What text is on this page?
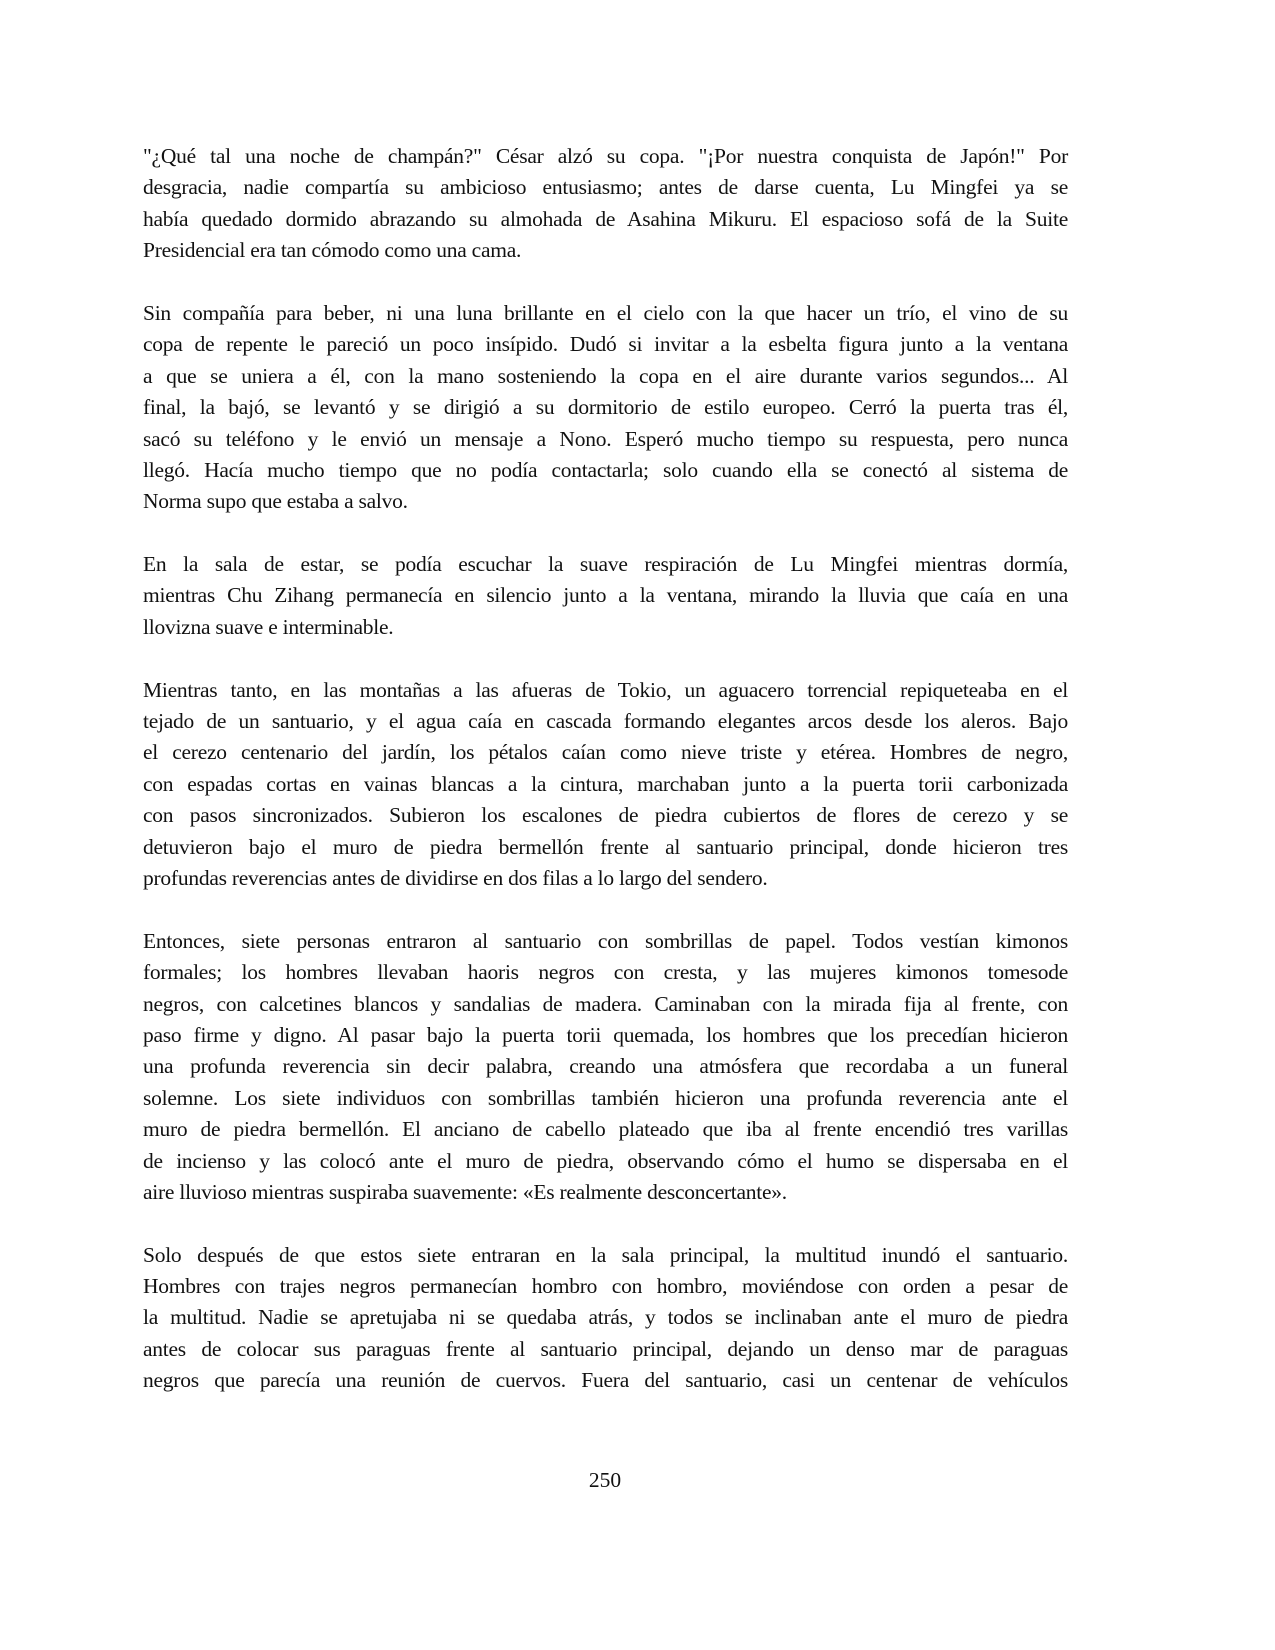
"¿Qué tal una noche de champán?" César alzó su copa. "¡Por nuestra conquista de Japón!" Por
desgracia, nadie compartía su ambicioso entusiasmo; antes de darse cuenta, Lu Mingfei ya se
había quedado dormido abrazando su almohada de Asahina Mikuru. El espacioso sofá de la Suite
Presidencial era tan cómodo como una cama.
Sin compañía para beber, ni una luna brillante en el cielo con la que hacer un trío, el vino de su
copa de repente le pareció un poco insípido. Dudó si invitar a la esbelta figura junto a la ventana
a que se uniera a él, con la mano sosteniendo la copa en el aire durante varios segundos... Al
final, la bajó, se levantó y se dirigió a su dormitorio de estilo europeo. Cerró la puerta tras él,
sacó su teléfono y le envió un mensaje a Nono. Esperó mucho tiempo su respuesta, pero nunca
llegó. Hacía mucho tiempo que no podía contactarla; solo cuando ella se conectó al sistema de
Norma supo que estaba a salvo.
En la sala de estar, se podía escuchar la suave respiración de Lu Mingfei mientras dormía,
mientras Chu Zihang permanecía en silencio junto a la ventana, mirando la lluvia que caía en una
llovizna suave e interminable.
Mientras tanto, en las montañas a las afueras de Tokio, un aguacero torrencial repiqueteaba en el
tejado de un santuario, y el agua caía en cascada formando elegantes arcos desde los aleros. Bajo
el cerezo centenario del jardín, los pétalos caían como nieve triste y etérea. Hombres de negro,
con espadas cortas en vainas blancas a la cintura, marchaban junto a la puerta torii carbonizada
con pasos sincronizados. Subieron los escalones de piedra cubiertos de flores de cerezo y se
detuvieron bajo el muro de piedra bermellón frente al santuario principal, donde hicieron tres
profundas reverencias antes de dividirse en dos filas a lo largo del sendero.
Entonces, siete personas entraron al santuario con sombrillas de papel. Todos vestían kimonos
formales; los hombres llevaban haoris negros con cresta, y las mujeres kimonos tomesode
negros, con calcetines blancos y sandalias de madera. Caminaban con la mirada fija al frente, con
paso firme y digno. Al pasar bajo la puerta torii quemada, los hombres que los precedían hicieron
una profunda reverencia sin decir palabra, creando una atmósfera que recordaba a un funeral
solemne. Los siete individuos con sombrillas también hicieron una profunda reverencia ante el
muro de piedra bermellón. El anciano de cabello plateado que iba al frente encendió tres varillas
de incienso y las colocó ante el muro de piedra, observando cómo el humo se dispersaba en el
aire lluvioso mientras suspiraba suavemente: «Es realmente desconcertante».
Solo después de que estos siete entraran en la sala principal, la multitud inundó el santuario.
Hombres con trajes negros permanecían hombro con hombro, moviéndose con orden a pesar de
la multitud. Nadie se apretujaba ni se quedaba atrás, y todos se inclinaban ante el muro de piedra
antes de colocar sus paraguas frente al santuario principal, dejando un denso mar de paraguas
negros que parecía una reunión de cuervos. Fuera del santuario, casi un centenar de vehículos
250
